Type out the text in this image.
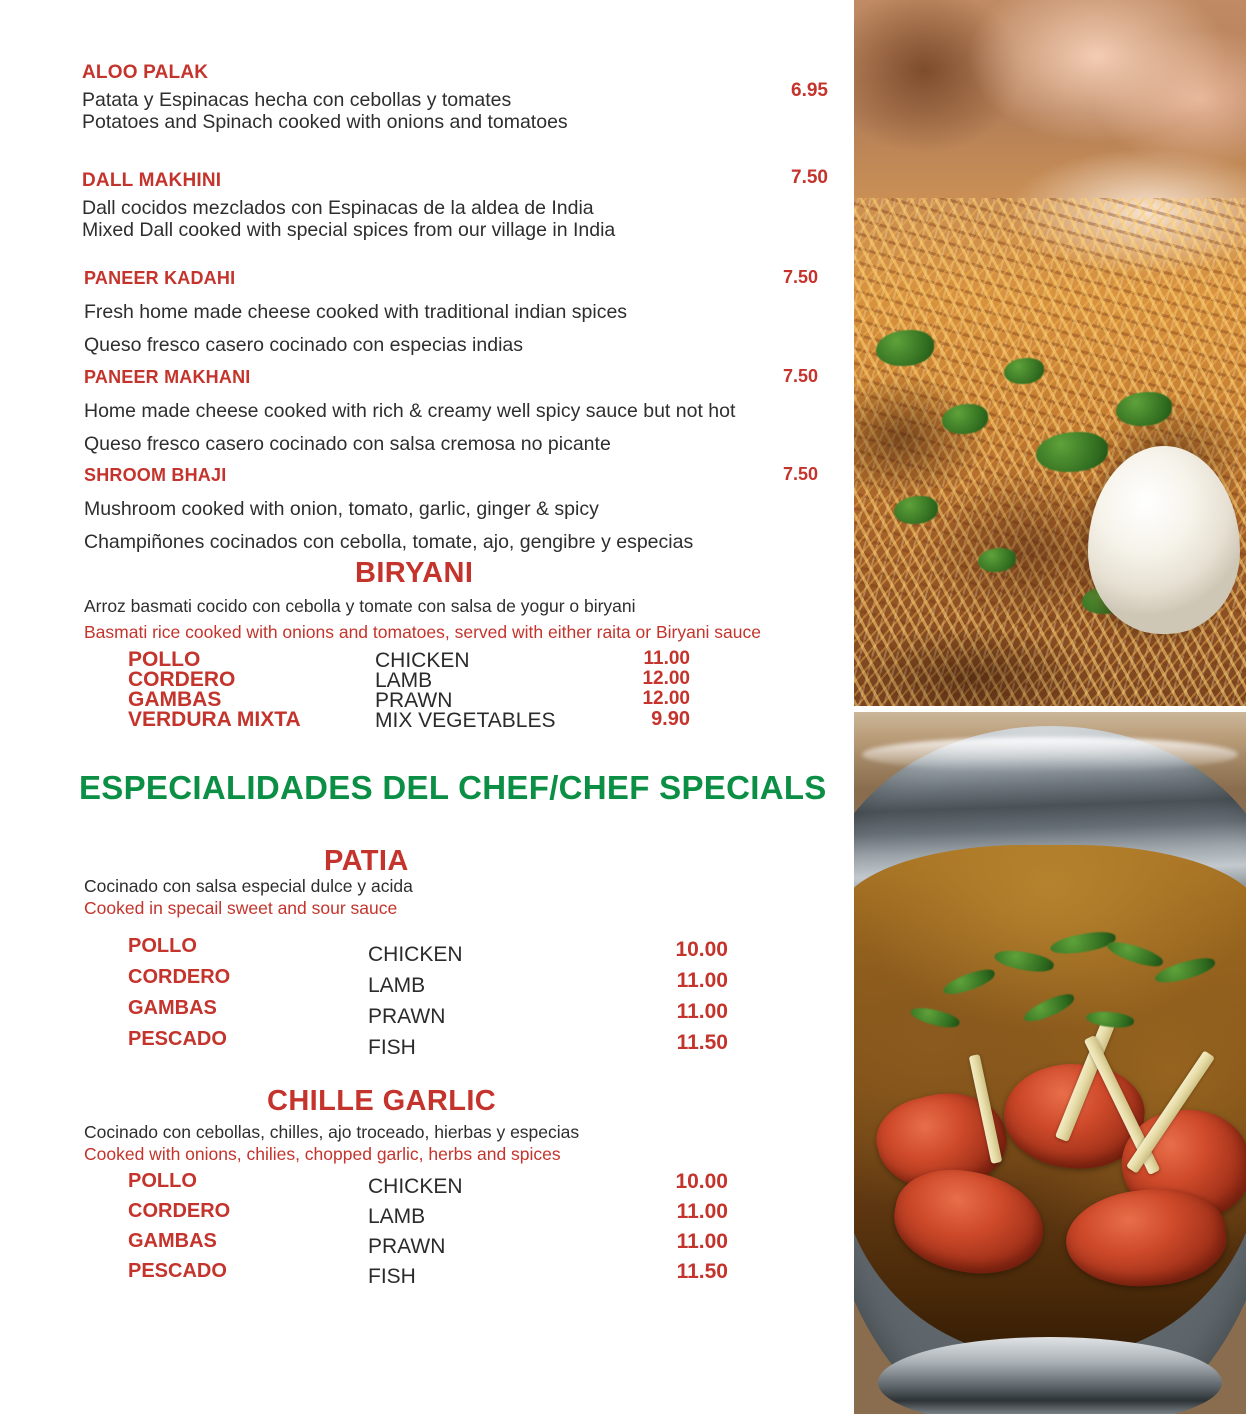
ALOO PALAK
Patata y Espinacas hecha con cebollas y tomates
Potatoes and Spinach cooked with onions and tomatoes
6.95
DALL MAKHINI
Dall cocidos mezclados con Espinacas de la aldea de India
Mixed Dall cooked with special spices from our village in India
7.50
PANEER KADAHI
Fresh home made cheese cooked with traditional indian spices
Queso fresco casero cocinado con especias indias
7.50
PANEER MAKHANI
Home made cheese cooked with rich & creamy well spicy sauce but not hot
Queso fresco casero cocinado con salsa cremosa no picante
7.50
SHROOM BHAJI
Mushroom cooked with onion, tomato, garlic, ginger & spicy
Champiñones cocinados con cebolla, tomate, ajo, gengibre y especias
7.50
BIRYANI
Arroz basmati cocido con cebolla y tomate con salsa de yogur o biryani
Basmati rice cooked with onions and tomatoes, served with either raita or Biryani sauce
POLLO	CHICKEN	11.00
CORDERO	LAMB	12.00
GAMBAS	PRAWN	12.00
VERDURA MIXTA	MIX VEGETABLES	9.90
ESPECIALIDADES DEL CHEF/CHEF SPECIALS
PATIA
Cocinado con salsa especial dulce y acida
Cooked in specail sweet and sour sauce
POLLO	CHICKEN	10.00
CORDERO	LAMB	11.00
GAMBAS	PRAWN	11.00
PESCADO	FISH	11.50
CHILLE GARLIC
Cocinado con cebollas, chilles, ajo troceado, hierbas y especias
Cooked with onions, chilies, chopped garlic, herbs and spices
POLLO	CHICKEN	10.00
CORDERO	LAMB	11.00
GAMBAS	PRAWN	11.00
PESCADO	FISH	11.50
